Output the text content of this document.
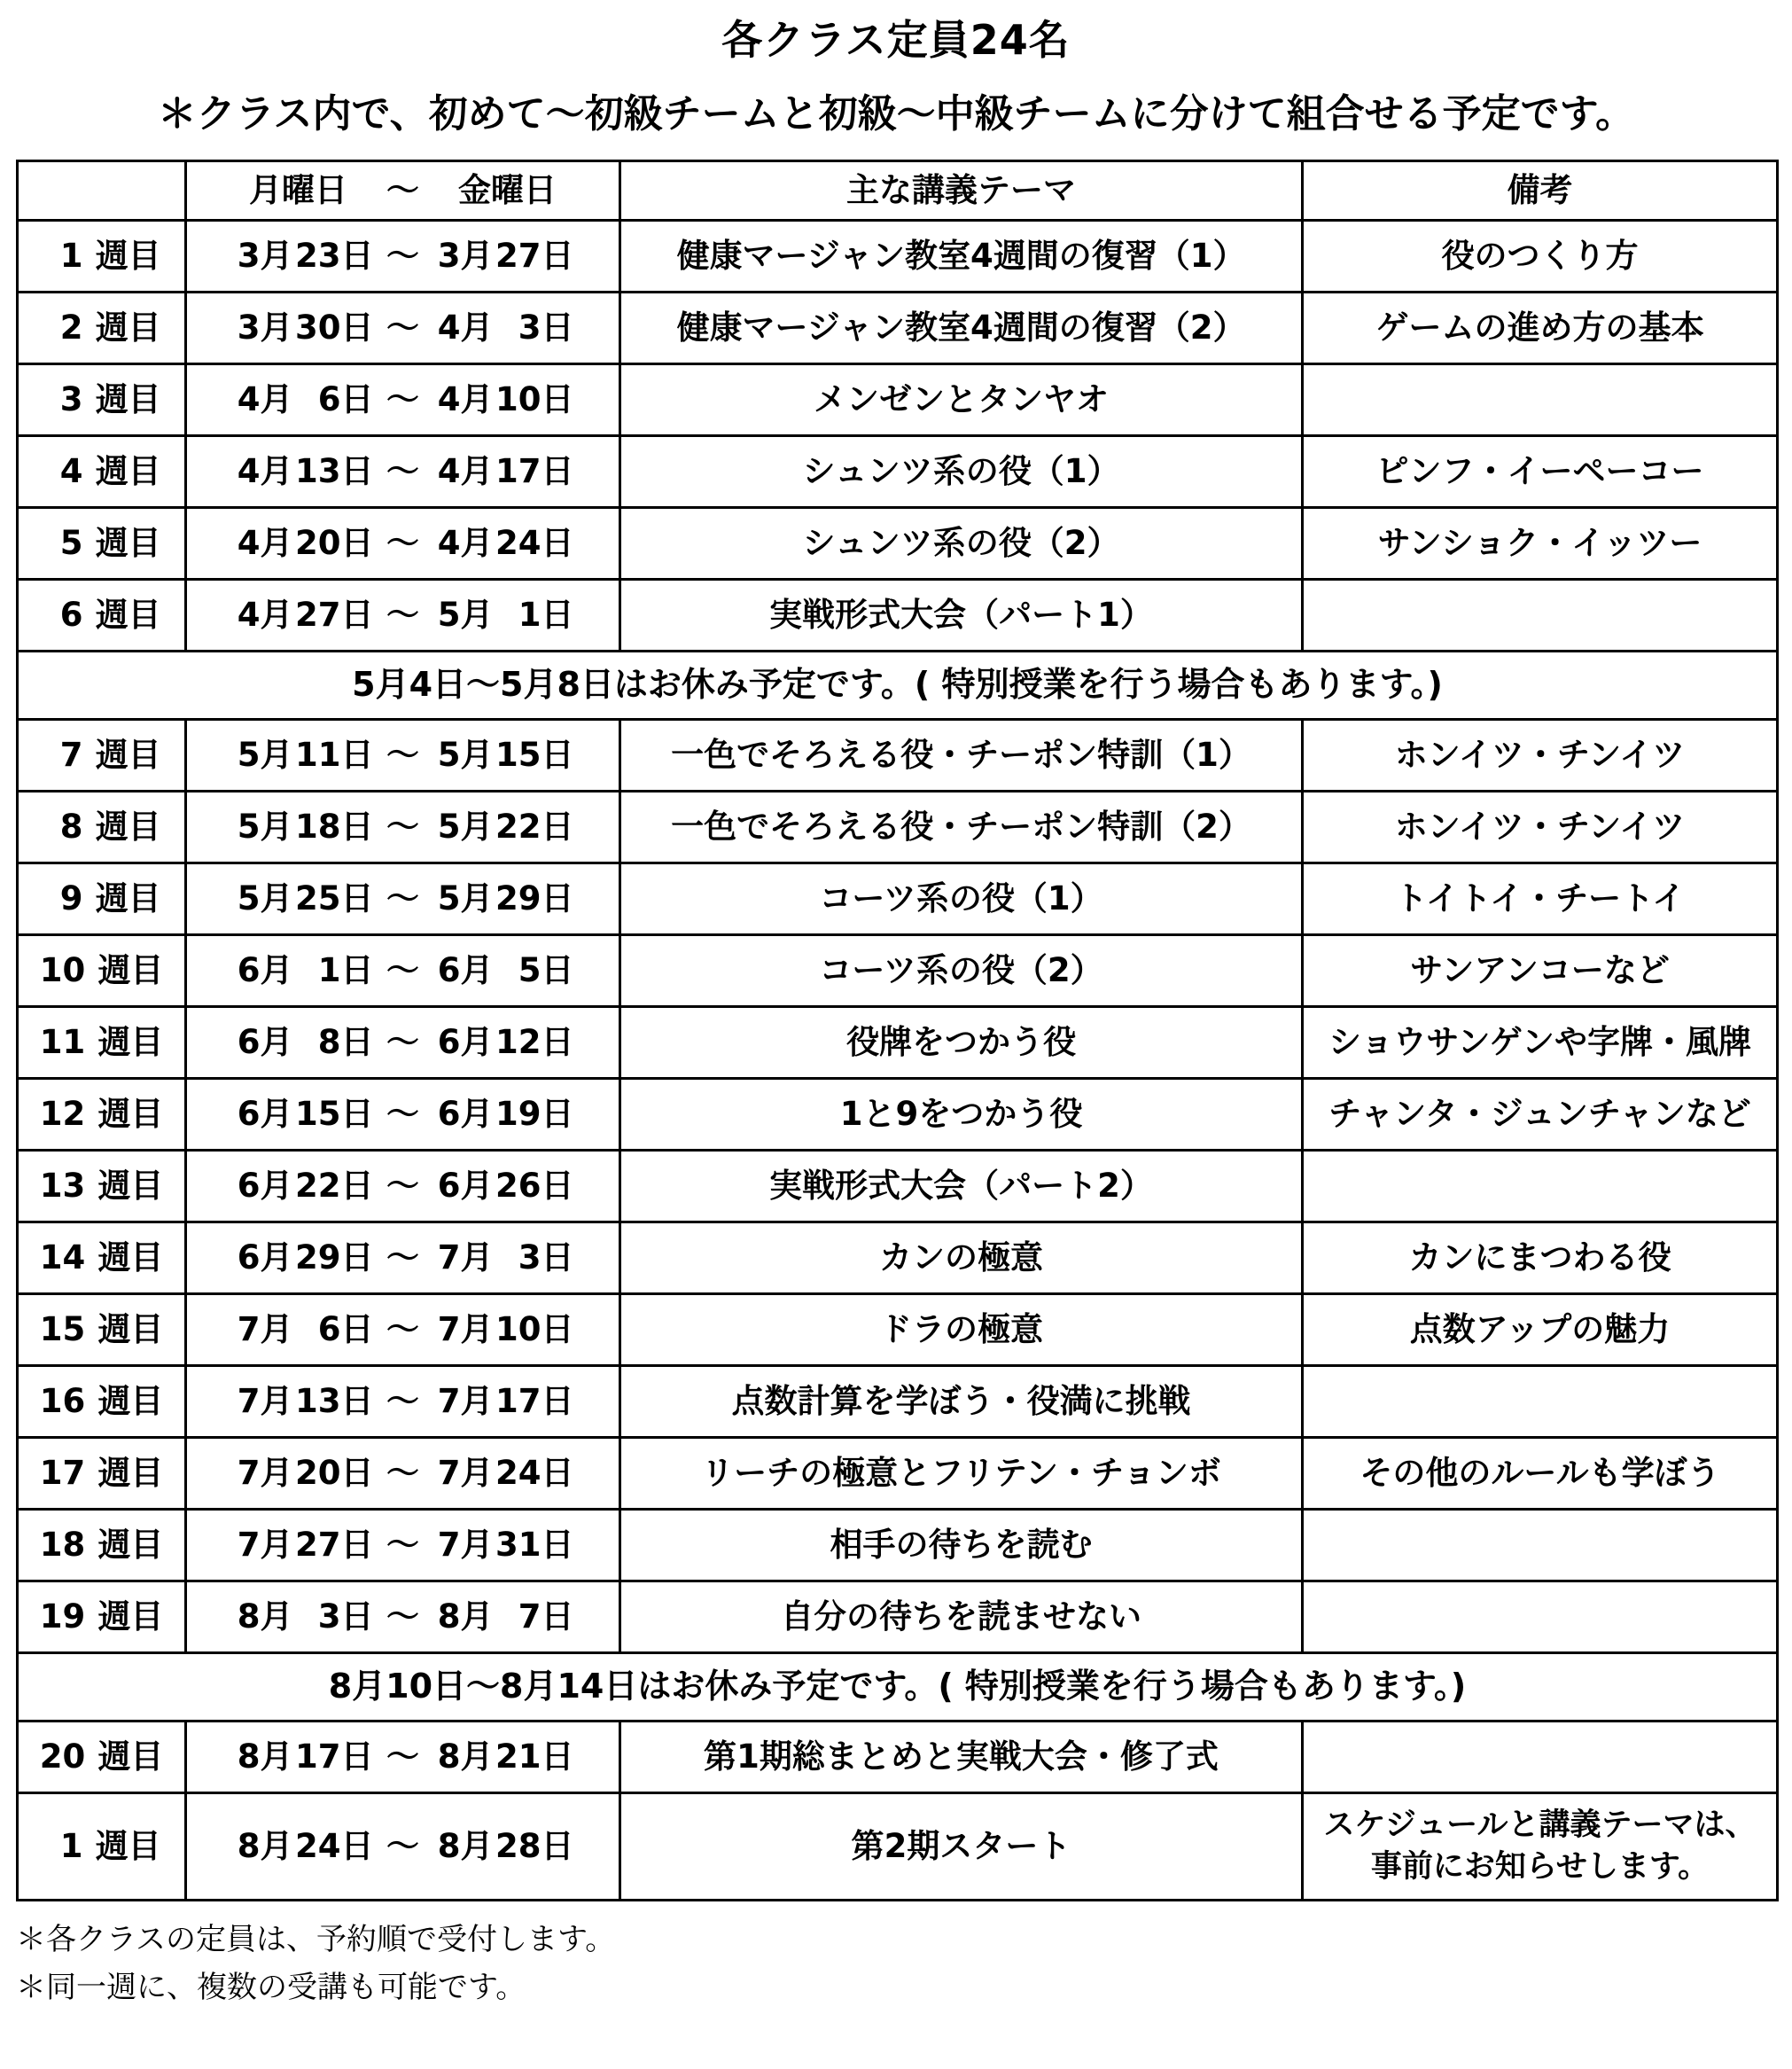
各クラス定員24名
＊クラス内で、初めて〜初級チームと初級〜中級チームに分けて組合せる予定です。

	月曜日 〜 金曜日	主な講義テーマ	備考

1 週目	3 月 23 日 〜 3 月 27 日	健康マージャン教室4週間の復習（1）	役のつくり方

2 週目	3 月 30 日 〜 4 月 3 日	健康マージャン教室4週間の復習（2）	ゲームの進め方の基本

3 週目	4 月 6 日 〜 4 月 10 日	メンゼンとタンヤオ	

4 週目	4 月 13 日 〜 4 月 17 日	シュンツ系の役（1）	ピンフ・イーペーコー

5 週目	4 月 20 日 〜 4 月 24 日	シュンツ系の役（2）	サンショク・イッツー

6 週目	4 月 27 日 〜 5 月 1 日	実戦形式大会（パート1）	
5月4日〜5月8日はお休み予定です。( 特別授業を行う場合もあります。)			

7 週目	5 月 11 日 〜 5 月 15 日	一色でそろえる役・チーポン特訓（1）	ホンイツ・チンイツ

8 週目	5 月 18 日 〜 5 月 22 日	一色でそろえる役・チーポン特訓（2）	ホンイツ・チンイツ

9 週目	5 月 25 日 〜 5 月 29 日	コーツ系の役（1）	トイトイ・チートイ

10 週目	6 月 1 日 〜 6 月 5 日	コーツ系の役（2）	サンアンコーなど

11 週目	6 月 8 日 〜 6 月 12 日	役牌をつかう役	ショウサンゲンや字牌・風牌

12 週目	6 月 15 日 〜 6 月 19 日	1と9をつかう役	チャンタ・ジュンチャンなど

13 週目	6 月 22 日 〜 6 月 26 日	実戦形式大会（パート2）	

14 週目	6 月 29 日 〜 7 月 3 日	カンの極意	カンにまつわる役

15 週目	7 月 6 日 〜 7 月 10 日	ドラの極意	点数アップの魅力

16 週目	7 月 13 日 〜 7 月 17 日	点数計算を学ぼう・役満に挑戦	

17 週目	7 月 20 日 〜 7 月 24 日	リーチの極意とフリテン・チョンボ	その他のルールも学ぼう

18 週目	7 月 27 日 〜 7 月 31 日	相手の待ちを読む	

19 週目	8 月 3 日 〜 8 月 7 日	自分の待ちを読ませない	
8月10日〜8月14日はお休み予定です。( 特別授業を行う場合もあります。)			

20 週目	8 月 17 日 〜 8 月 21 日	第1期総まとめと実戦大会・修了式	

1 週目	8 月 24 日 〜 8 月 28 日	第2期スタート	
スケジュールと講義テーマは、
事前にお知らせします。
＊各クラスの定員は、予約順で受付します。
＊同一週に、複数の受講も可能です。
